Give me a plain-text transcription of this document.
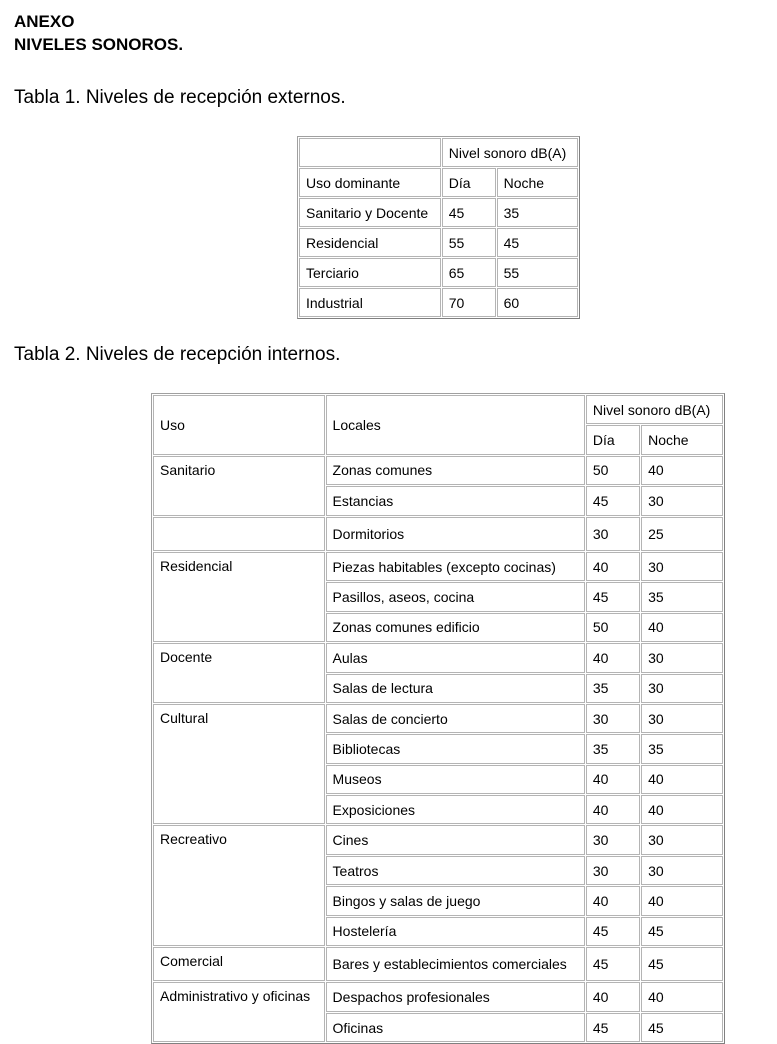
ANEXO

NIVELES SONOROS.

Tabla 1. Niveles de recepción externos.

	Nivel sonoro dB(A)	
Uso dominante	Día	Noche
Sanitario y Docente	45	35
Residencial	55	45
Terciario	65	55
Industrial	70	60

Tabla 2. Niveles de recepción internos.

Uso	Locales	Nivel sonoro dB(A)	
		Día	Noche
Sanitario	Zonas comunes	50	40
	Estancias	45	30
	Dormitorios	30	25
Residencial	Piezas habitables (excepto cocinas)	40	30
	Pasillos, aseos, cocina	45	35
	Zonas comunes edificio	50	40
Docente	Aulas	40	30
	Salas de lectura	35	30
Cultural	Salas de concierto	30	30
	Bibliotecas	35	35
	Museos	40	40
	Exposiciones	40	40
Recreativo	Cines	30	30
	Teatros	30	30
	Bingos y salas de juego	40	40
	Hostelería	45	45
Comercial	Bares y establecimientos comerciales	45	45
Administrativo y oficinas	Despachos profesionales	40	40
	Oficinas	45	45
